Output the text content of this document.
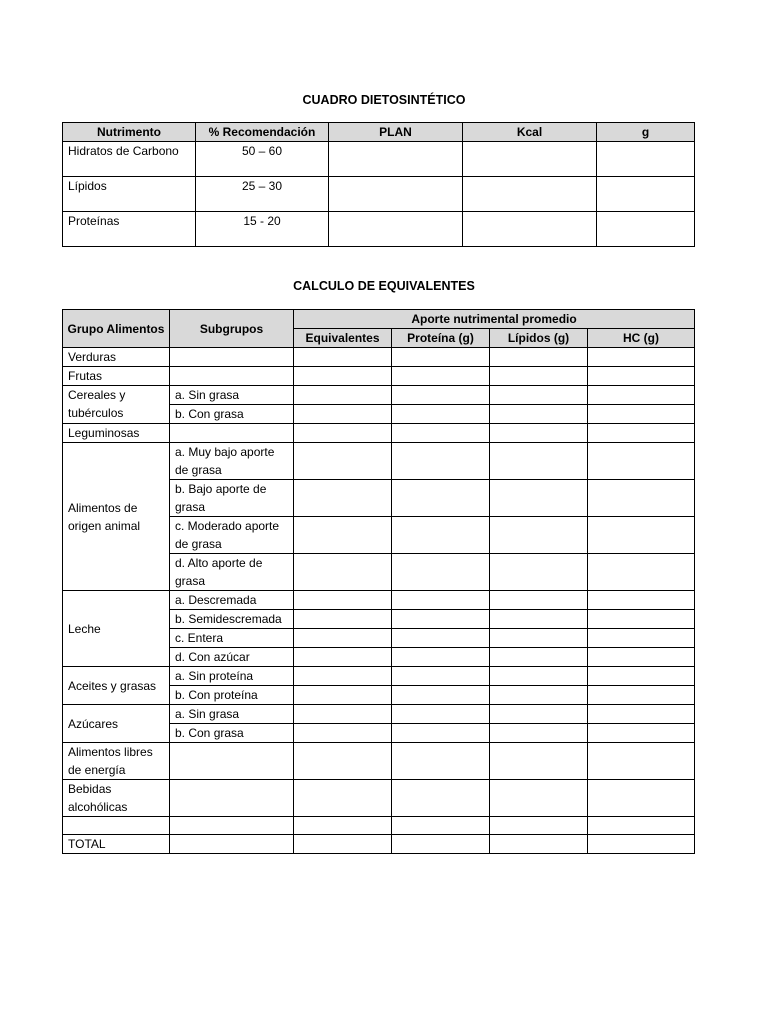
CUADRO DIETOSINTÉTICO
Nutrimento	% Recomendación	PLAN	Kcal	g
Hidratos de Carbono	50 – 60			
Lípidos	25 – 30			
Proteínas	15 - 20			
CALCULO DE EQUIVALENTES
Grupo Alimentos	Subgrupos	Aporte nutrimental promedio			
		Equivalentes	Proteína (g)	Lípidos (g)	HC (g)
Verduras					
Frutas					
Cereales y tubérculos	a. Sin grasa				
	b. Con grasa				
Leguminosas					
Alimentos de origen animal	a. Muy bajo aporte de grasa				
	b. Bajo aporte de grasa				
	c. Moderado aporte de grasa				
	d. Alto aporte de grasa				
Leche	a. Descremada				
	b. Semidescremada				
	c. Entera				
	d. Con azúcar				
Aceites y grasas	a. Sin proteína				
	b. Con proteína				
Azúcares	a. Sin grasa				
	b. Con grasa				
Alimentos libres de energía					
Bebidas alcohólicas					

TOTAL					
